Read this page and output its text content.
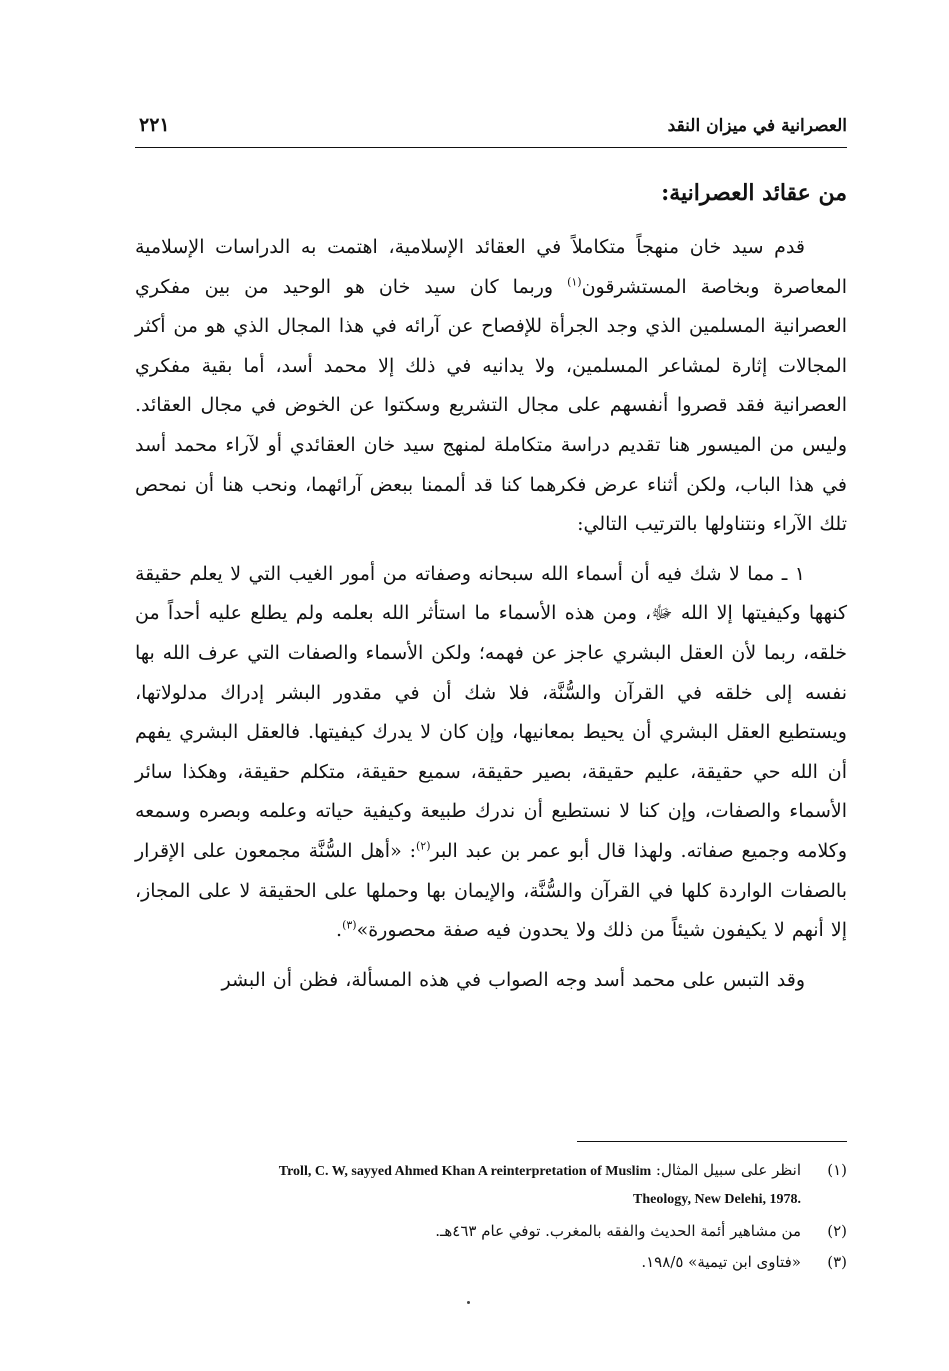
العصرانية في ميزان النقد
٢٢١
من عقائد العصرانية:

قدم سيد خان منهجاً متكاملاً في العقائد الإسلامية، اهتمت به الدراسات الإسلامية المعاصرة وبخاصة المستشرقون$^{(١)}$ وربما كان سيد خان هو الوحيد من بين مفكري العصرانية المسلمين الذي وجد الجرأة للإفصاح عن آرائه في هذا المجال الذي هو من أكثر المجالات إثارة لمشاعر المسلمين، ولا يدانيه في ذلك إلا محمد أسد، أما بقية مفكري العصرانية فقد قصروا أنفسهم على مجال التشريع وسكتوا عن الخوض في مجال العقائد. وليس من الميسور هنا تقديم دراسة متكاملة لمنهج سيد خان العقائدي أو لآراء محمد أسد في هذا الباب، ولكن أثناء عرض فكرهما كنا قد ألممنا ببعض آرائهما، ونحب هنا أن نمحص تلك الآراء ونتناولها بالترتيب التالي:

١ ـ مما لا شك فيه أن أسماء الله سبحانه وصفاته من أمور الغيب التي لا يعلم حقيقة كنهها وكيفيتها إلا الله ﷻ، ومن هذه الأسماء ما استأثر الله بعلمه ولم يطلع عليه أحداً من خلقه، ربما لأن العقل البشري عاجز عن فهمه؛ ولكن الأسماء والصفات التي عرف الله بها نفسه إلى خلقه في القرآن والسُّنَّة، فلا شك أن في مقدور البشر إدراك مدلولاتها، ويستطيع العقل البشري أن يحيط بمعانيها، وإن كان لا يدرك كيفيتها. فالعقل البشري يفهم أن الله حي حقيقة، عليم حقيقة، بصير حقيقة، سميع حقيقة، متكلم حقيقة، وهكذا سائر الأسماء والصفات، وإن كنا لا نستطيع أن ندرك طبيعة وكيفية حياته وعلمه وبصره وسمعه وكلامه وجميع صفاته. ولهذا قال أبو عمر بن عبد البر$^{(٢)}$: «أهل السُّنَّة مجمعون على الإقرار بالصفات الواردة كلها في القرآن والسُّنَّة، والإيمان بها وحملها على الحقيقة لا على المجاز، إلا أنهم لا يكيفون شيئاً من ذلك ولا يحدون فيه صفة محصورة»$^{(٣)}$.

وقد التبس على محمد أسد وجه الصواب في هذه المسألة، فظن أن البشر

(١)
انظر على سبيل المثال: Troll, C. W, sayyed Ahmed Khan A reinterpretation of Muslim
Theology, New Delehi, 1978.
(٢)
من مشاهير أئمة الحديث والفقه بالمغرب. توفي عام ٤٦٣هـ.
(٣)
«فتاوى ابن تيمية» ١٩٨/٥.
